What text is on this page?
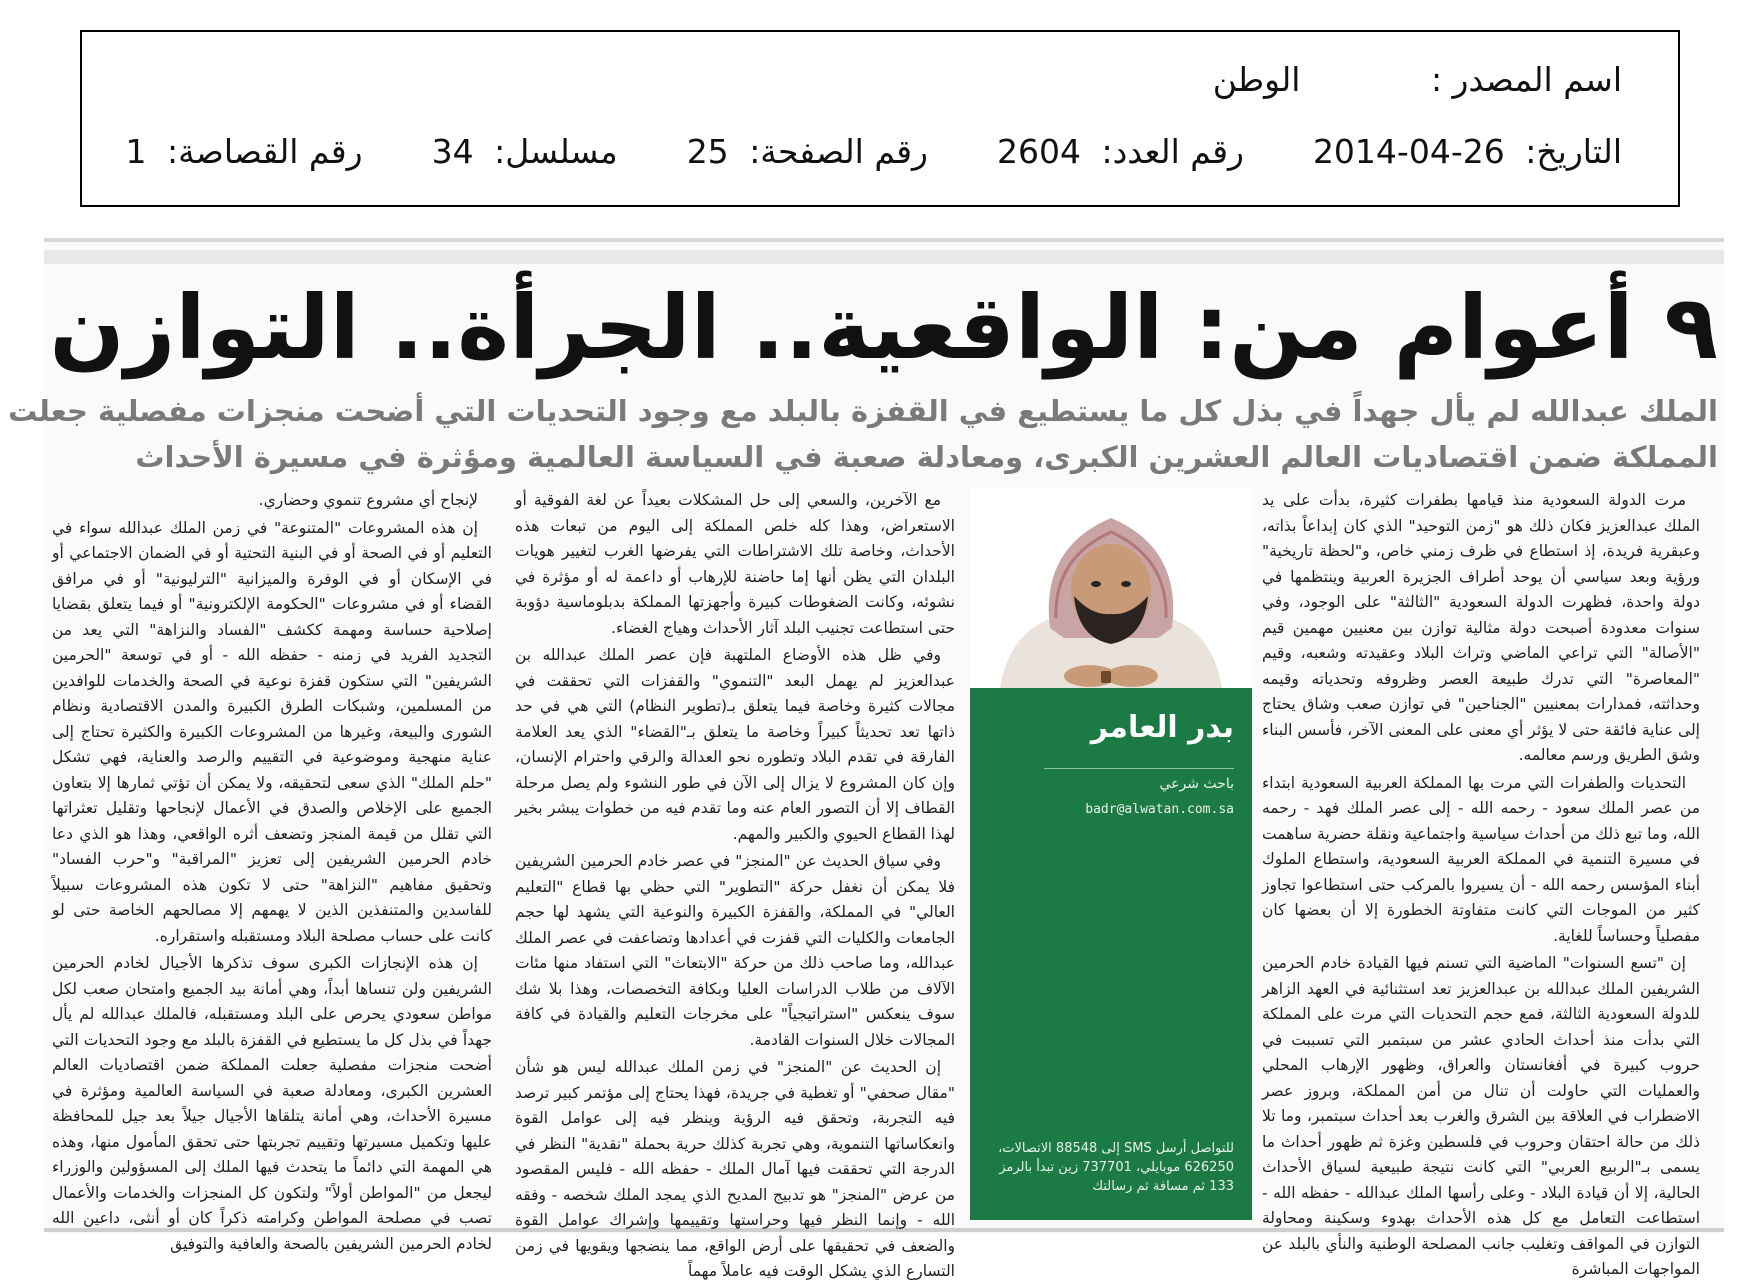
اسم المصدر : الوطن
التاريخ: 2014-04-26  رقم العدد: 2604  رقم الصفحة: 25  مسلسل: 34  رقم القصاصة: 1
٩ أعوام من: الواقعية.. الجرأة.. التوازن
الملك عبدالله لم يأل جهداً في بذل كل ما يستطيع في القفزة بالبلد مع وجود التحديات التي أضحت منجزات مفصلية جعلت
المملكة ضمن اقتصاديات العالم العشرين الكبرى، ومعادلة صعبة في السياسة العالمية ومؤثرة في مسيرة الأحداث

مرت الدولة السعودية منذ قيامها بطفرات كثيرة، بدأت على يد الملك عبدالعزيز فكان ذلك هو "زمن التوحيد" الذي كان إبداعاً بذاته، وعبقرية فريدة، إذ استطاع في ظرف زمني خاص، و"لحظة تاريخية" ورؤية وبعد سياسي أن يوحد أطراف الجزيرة العربية وينتظمها في دولة واحدة، فظهرت الدولة السعودية "الثالثة" على الوجود، وفي سنوات معدودة أصبحت دولة مثالية توازن بين معنيين مهمين قيم "الأصالة" التي تراعي الماضي وتراث البلاد وعقيدته وشعبه، وقيم "المعاصرة" التي تدرك طبيعة العصر وظروفه وتحدياته وقيمه وحداثته، فمدارات بمعنيين "الجناحين" في توازن صعب وشاق يحتاج إلى عناية فائقة حتى لا يؤثر أي معنى على المعنى الآخر، فأسس البناء وشق الطريق ورسم معالمه.

التحديات والطفرات التي مرت بها المملكة العربية السعودية ابتداء من عصر الملك سعود - رحمه الله - إلى عصر الملك فهد - رحمه الله، وما تبع ذلك من أحداث سياسية واجتماعية ونقلة حضرية ساهمت في مسيرة التنمية في المملكة العربية السعودية، واستطاع الملوك أبناء المؤسس رحمه الله - أن يسيروا بالمركب حتى استطاعوا تجاوز كثير من الموجات التي كانت متفاوتة الخطورة إلا أن بعضها كان مفصلياً وحساساً للغاية.

إن "تسع السنوات" الماضية التي تسنم فيها القيادة خادم الحرمين الشريفين الملك عبدالله بن عبدالعزيز تعد استثنائية في العهد الزاهر للدولة السعودية الثالثة، فمع حجم التحديات التي مرت على المملكة التي بدأت منذ أحداث الحادي عشر من سبتمبر التي تسببت في حروب كبيرة في أفغانستان والعراق، وظهور الإرهاب المحلي والعمليات التي حاولت أن تنال من أمن المملكة، وبروز عصر الاضطراب في العلاقة بين الشرق والغرب بعد أحداث سبتمبر، وما تلا ذلك من حالة احتقان وحروب في فلسطين وغزة ثم ظهور أحداث ما يسمى بـ"الربيع العربي" التي كانت نتيجة طبيعية لسياق الأحداث الحالية، إلا أن قيادة البلاد - وعلى رأسها الملك عبدالله - حفظه الله - استطاعت التعامل مع كل هذه الأحداث بهدوء وسكينة ومحاولة التوازن في المواقف وتغليب جانب المصلحة الوطنية والنأي بالبلد عن المواجهات المباشرة

بدر العامر
باحث شرعي
badr@alwatan.com.sa
للتواصل أرسل SMS إلى 88548 الاتصالات، 626250 موبايلي، 737701 زين تبدأ بالرمز 133 ثم مسافة ثم رسالتك

مع الآخرين، والسعي إلى حل المشكلات بعيداً عن لغة الفوقية أو الاستعراض، وهذا كله خلص المملكة إلى اليوم من تبعات هذه الأحداث، وخاصة تلك الاشتراطات التي يفرضها الغرب لتغيير هويات البلدان التي يظن أنها إما حاضنة للإرهاب أو داعمة له أو مؤثرة في نشوئه، وكانت الضغوطات كبيرة وأجهزتها المملكة بدبلوماسية دؤوبة حتى استطاعت تجنيب البلد آثار الأحداث وهياج الغضاء.

وفي ظل هذه الأوضاع الملتهبة فإن عصر الملك عبدالله بن عبدالعزيز لم يهمل البعد "التنموي" والقفزات التي تحققت في مجالات كثيرة وخاصة فيما يتعلق بـ(تطوير النظام) التي هي في حد ذاتها تعد تحديثاً كبيراً وخاصة ما يتعلق بـ"القضاء" الذي يعد العلامة الفارقة في تقدم البلاد وتطوره نحو العدالة والرقي واحترام الإنسان، وإن كان المشروع لا يزال إلى الآن في طور النشوء ولم يصل مرحلة القطاف إلا أن التصور العام عنه وما تقدم فيه من خطوات يبشر بخير لهذا القطاع الحيوي والكبير والمهم.

وفي سياق الحديث عن "المنجز" في عصر خادم الحرمين الشريفين فلا يمكن أن نغفل حركة "التطوير" التي حظي بها قطاع "التعليم العالي" في المملكة، والقفزة الكبيرة والنوعية التي يشهد لها حجم الجامعات والكليات التي قفزت في أعدادها وتضاعفت في عصر الملك عبدالله، وما صاحب ذلك من حركة "الابتعاث" التي استفاد منها مئات الآلاف من طلاب الدراسات العليا وبكافة التخصصات، وهذا بلا شك سوف ينعكس "استراتيجياً" على مخرجات التعليم والقيادة في كافة المجالات خلال السنوات القادمة.

إن الحديث عن "المنجز" في زمن الملك عبدالله ليس هو شأن "مقال صحفي" أو تغطية في جريدة، فهذا يحتاج إلى مؤتمر كبير ترصد فيه التجربة، وتحقق فيه الرؤية وينظر فيه إلى عوامل القوة وانعكاساتها التنموية، وهي تجربة كذلك حرية بحملة "نقدية" النظر في الدرجة التي تحققت فيها آمال الملك - حفظه الله - فليس المقصود من عرض "المنجز" هو تدبيج المديح الذي يمجد الملك شخصه - وفقه الله - وإنما النظر فيها وحراستها وتقييمها وإشراك عوامل القوة والضعف في تحقيقها على أرض الواقع، مما ينضجها ويقويها في زمن التسارع الذي يشكل الوقت فيه عاملاً مهماً

لإنجاح أي مشروع تنموي وحضاري.

إن هذه المشروعات "المتنوعة" في زمن الملك عبدالله سواء في التعليم أو في الصحة أو في البنية التحتية أو في الضمان الاجتماعي أو في الإسكان أو في الوفرة والميزانية "الترليونية" أو في مرافق القضاء أو في مشروعات "الحكومة الإلكترونية" أو فيما يتعلق بقضايا إصلاحية حساسة ومهمة ككشف "الفساد والنزاهة" التي يعد من التجديد الفريد في زمنه - حفظه الله - أو في توسعة "الحرمين الشريفين" التي ستكون قفزة نوعية في الصحة والخدمات للوافدين من المسلمين، وشبكات الطرق الكبيرة والمدن الاقتصادية ونظام الشورى والبيعة، وغيرها من المشروعات الكبيرة والكثيرة تحتاج إلى عناية منهجية وموضوعية في التقييم والرصد والعناية، فهي تشكل "حلم الملك" الذي سعى لتحقيقه، ولا يمكن أن تؤتي ثمارها إلا بتعاون الجميع على الإخلاص والصدق في الأعمال لإنجاحها وتقليل تعثراتها التي تقلل من قيمة المنجز وتضعف أثره الواقعي، وهذا هو الذي دعا خادم الحرمين الشريفين إلى تعزيز "المراقبة" و"حرب الفساد" وتحقيق مفاهيم "النزاهة" حتى لا تكون هذه المشروعات سبيلاً للفاسدين والمتنفذين الذين لا يهمهم إلا مصالحهم الخاصة حتى لو كانت على حساب مصلحة البلاد ومستقبله واستقراره.

إن هذه الإنجازات الكبرى سوف تذكرها الأجيال لخادم الحرمين الشريفين ولن تنساها أبداً، وهي أمانة بيد الجميع وامتحان صعب لكل مواطن سعودي يحرص على البلد ومستقبله، فالملك عبدالله لم يأل جهداً في بذل كل ما يستطيع في القفزة بالبلد مع وجود التحديات التي أضحت منجزات مفصلية جعلت المملكة ضمن اقتصاديات العالم العشرين الكبرى، ومعادلة صعبة في السياسة العالمية ومؤثرة في مسيرة الأحداث، وهي أمانة يتلقاها الأجيال جيلاً بعد جيل للمحافظة عليها وتكميل مسيرتها وتقييم تجربتها حتى تحقق المأمول منها، وهذه هي المهمة التي دائماً ما يتحدث فيها الملك إلى المسؤولين والوزراء ليجعل من "المواطن أولاً" ولتكون كل المنجزات والخدمات والأعمال تصب في مصلحة المواطن وكرامته ذكراً كان أو أنثى، داعين الله لخادم الحرمين الشريفين بالصحة والعافية والتوفيق
